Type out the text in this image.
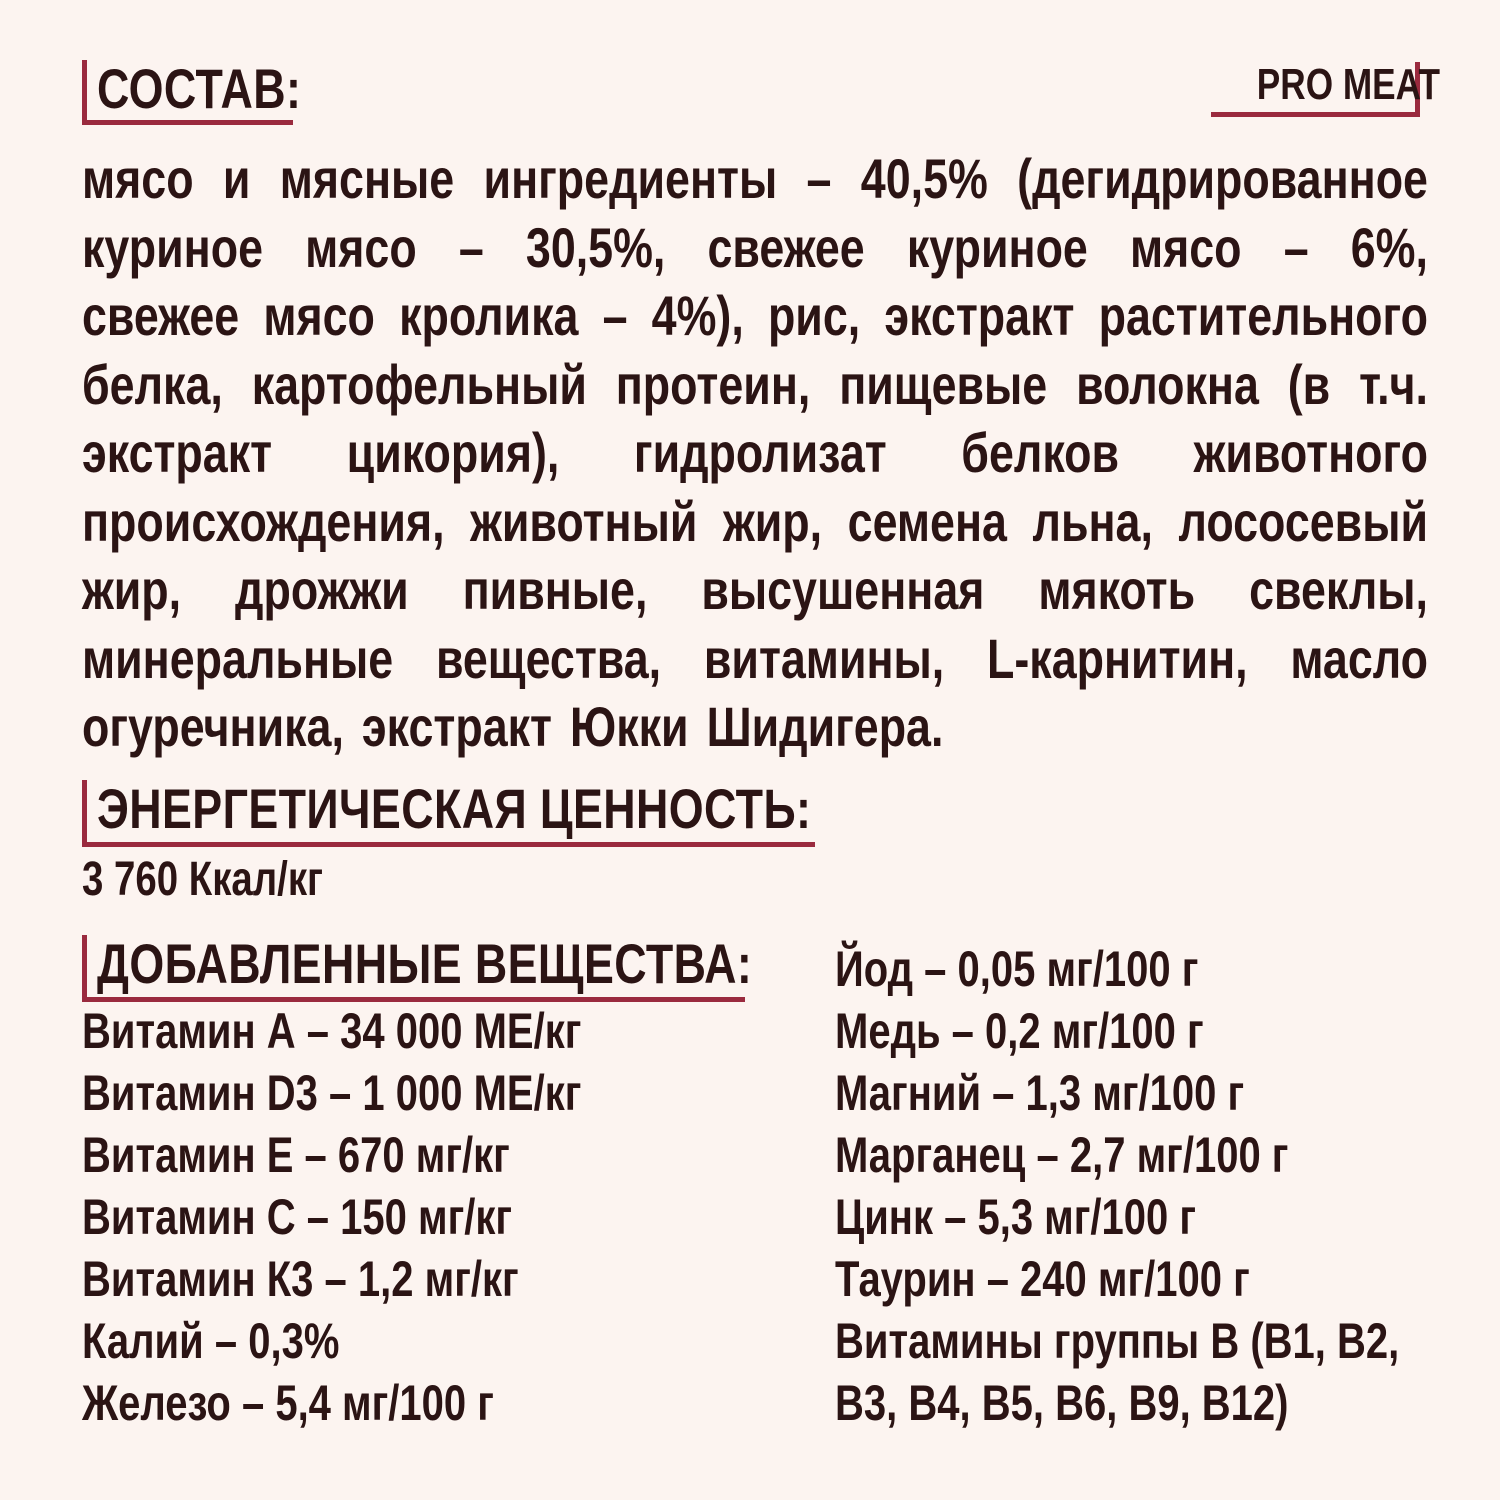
СОСТАВ:	PRO MEAT
мясо и мясные ингредиенты – 40,5% (дегидрированное
куриное мясо – 30,5%, свежее куриное мясо – 6%,
свежее мясо кролика – 4%), рис, экстракт растительного
белка, картофельный протеин, пищевые волокна (в т.ч.
экстракт цикория), гидролизат белков животного
происхождения, животный жир, семена льна, лососевый
жир, дрожжи пивные, высушенная мякоть свеклы,
минеральные вещества, витамины, L-карнитин, масло
огуречника, экстракт Юкки Шидигера.
ЭНЕРГЕТИЧЕСКАЯ ЦЕННОСТЬ:
3 760 Ккал/кг
ДОБАВЛЕННЫЕ ВЕЩЕСТВА:
Витамин А – 34 000 МЕ/кг
Витамин D3 – 1 000 МЕ/кг
Витамин Е – 670 мг/кг
Витамин С – 150 мг/кг
Витамин К3 – 1,2 мг/кг
Калий – 0,3%
Железо – 5,4 мг/100 г
Йод – 0,05 мг/100 г
Медь – 0,2 мг/100 г
Магний – 1,3 мг/100 г
Марганец – 2,7 мг/100 г
Цинк – 5,3 мг/100 г
Таурин – 240 мг/100 г
Витамины группы В (В1, В2,
В3, В4, В5, В6, В9, В12)
